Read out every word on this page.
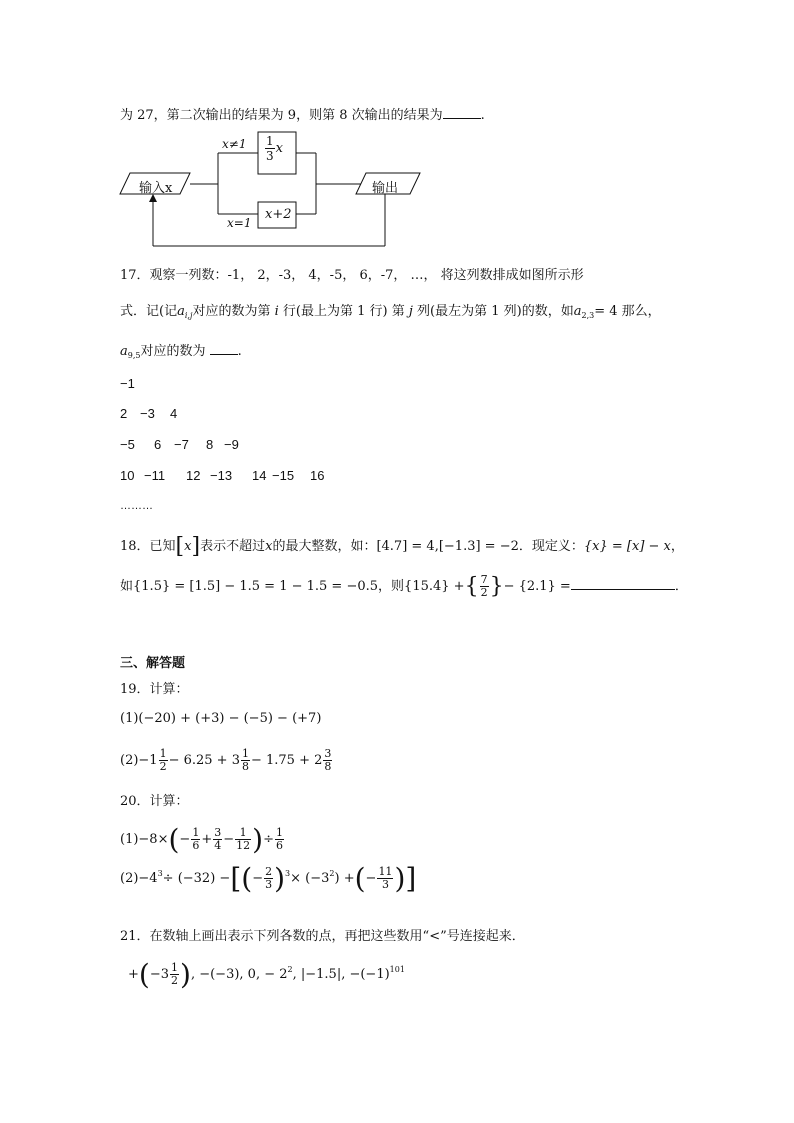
为 27，第二次输出的结果为 9，则第 8 次输出的结果为	.
输入x	输出
x≠1
x=1
$\frac{1}{3}$ x
x+2
17．观察一列数：-1， 2，-3， 4，-5， 6，-7， …， 将这列数排成如图所示形
式．记(记$a_{i,j}$对应的数为第 i 行(最上为第 1 行) 第 j 列(最左为第 1 列)的数，如$a_{2,3}= 4$ 那么，
$a_{9,5}$对应的数为 .
−1
2 −3 4
−5 6 −7 8 −9
10 −11 12 −13 14 −15 16
………
18．已知[x]表示不超过x的最大整数，如：[4.7] = 4,[−1.3] = −2．现定义：{x} = [x] − x，
如{1.5} = [1.5] − 1.5 = 1 − 1.5 = −0.5，则{15.4} +{ $\frac{7}{2}$ }− {2.1} =	．
三、解答题
19．计算：
(1)(−20) + (+3) − (−5) − (+7)
$(2)-1 \frac{1}{2} - 6.25 + 3 \frac{1}{8} - 1.75 + 2 \frac{3}{8}$
20．计算：
$(1)-8\times(- \frac{1}{6} + \frac{3}{4} - \frac{1}{12}$ )÷ $\frac{1}{6}$
$(2)-4^3\div (-32)$ −[(− $\frac{2}{3} )^3\times (-3^2)$ +(− $\frac{11}{3}$ )]
21．在数轴上画出表示下列各数的点，再把这些数用“<”号连接起来．
$+(-3 \frac{1}{2}$ ), −(−3), 0, − $2^2$, |−1.5|, $-(-1)^{101}$
